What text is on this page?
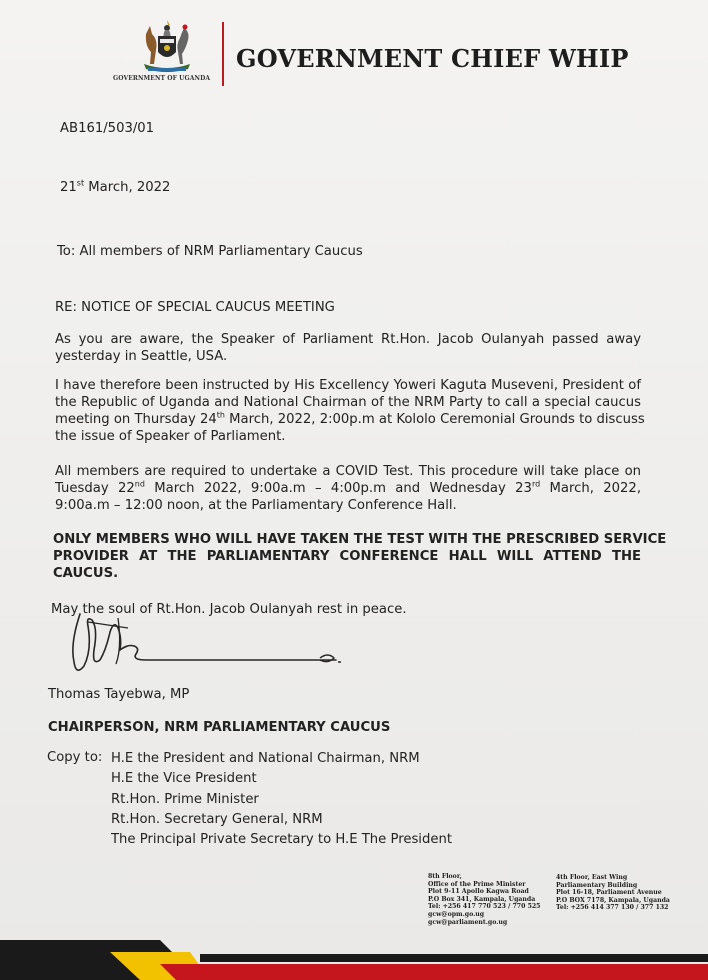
GOVERNMENT OF UGANDA
GOVERNMENT CHIEF WHIP
AB161/503/01
21st March, 2022
To: All members of NRM Parliamentary Caucus
RE: NOTICE OF SPECIAL CAUCUS MEETING
As you are aware, the Speaker of Parliament Rt.Hon. Jacob Oulanyah passed away
yesterday in Seattle, USA.
I have therefore been instructed by His Excellency Yoweri Kaguta Museveni, President of
the Republic of Uganda and National Chairman of the NRM Party to call a special caucus
meeting on Thursday 24th March, 2022, 2:00p.m at Kololo Ceremonial Grounds to discuss
the issue of Speaker of Parliament.
All members are required to undertake a COVID Test. This procedure will take place on
Tuesday 22nd March 2022, 9:00a.m – 4:00p.m and Wednesday 23rd March, 2022,
9:00a.m – 12:00 noon, at the Parliamentary Conference Hall.
ONLY MEMBERS WHO WILL HAVE TAKEN THE TEST WITH THE PRESCRIBED SERVICE
PROVIDER AT THE PARLIAMENTARY CONFERENCE HALL WILL ATTEND THE
CAUCUS.
May the soul of Rt.Hon. Jacob Oulanyah rest in peace.
Thomas Tayebwa, MP
CHAIRPERSON, NRM PARLIAMENTARY CAUCUS
Copy to: H.E the President and National Chairman, NRM
H.E the Vice President
Rt.Hon. Prime Minister
Rt.Hon. Secretary General, NRM
The Principal Private Secretary to H.E The President
8th Floor,
Office of the Prime Minister
Plot 9-11 Apollo Kagwa Road
P.O Box 341, Kampala, Uganda
Tel: +256 417 770 523 / 770 525
gcw@opm.go.ug
gcw@parliament.go.ug
4th Floor, East Wing
Parliamentary Building
Plot 16-18, Parliament Avenue
P.O BOX 7178, Kampala, Uganda
Tel: +256 414 377 130 / 377 132
